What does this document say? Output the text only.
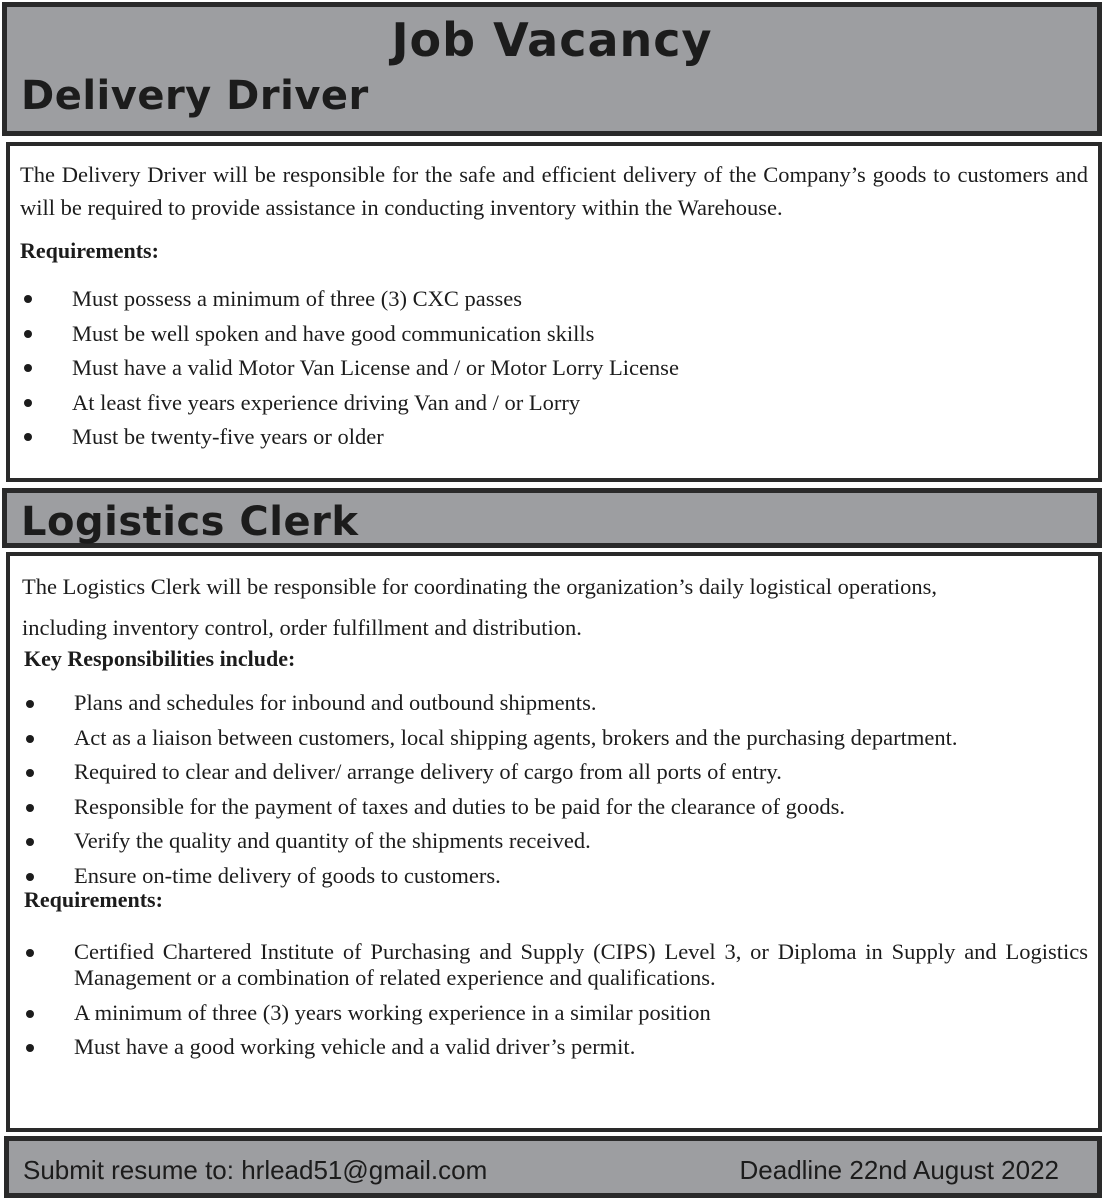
Job Vacancy
Delivery Driver

The Delivery Driver will be responsible for the safe and efficient delivery of the Company’s goods to customers and will be required to provide assistance in conducting inventory within the Warehouse.

Requirements:

Must possess a minimum of three (3) CXC passes
Must be well spoken and have good communication skills
Must have a valid Motor Van License and / or Motor Lorry License
At least five years experience driving Van and / or Lorry
Must be twenty-five years or older
Logistics Clerk

The Logistics Clerk will be responsible for coordinating the organization’s daily logistical operations, including inventory control, order fulfillment and distribution.

Key Responsibilities include:

Plans and schedules for inbound and outbound shipments.
Act as a liaison between customers, local shipping agents, brokers and the purchasing department.
Required to clear and deliver/ arrange delivery of cargo from all ports of entry.
Responsible for the payment of taxes and duties to be paid for the clearance of goods.
Verify the quality and quantity of the shipments received.
Ensure on-time delivery of goods to customers.

Requirements:

Certified Chartered Institute of Purchasing and Supply (CIPS) Level 3, or Diploma in Supply and Logistics Management or a combination of related experience and qualifications.
A minimum of three (3) years working experience in a similar position
Must have a good working vehicle and a valid driver’s permit.
Submit resume to: hrlead51@gmail.com	Deadline 22nd August 2022
